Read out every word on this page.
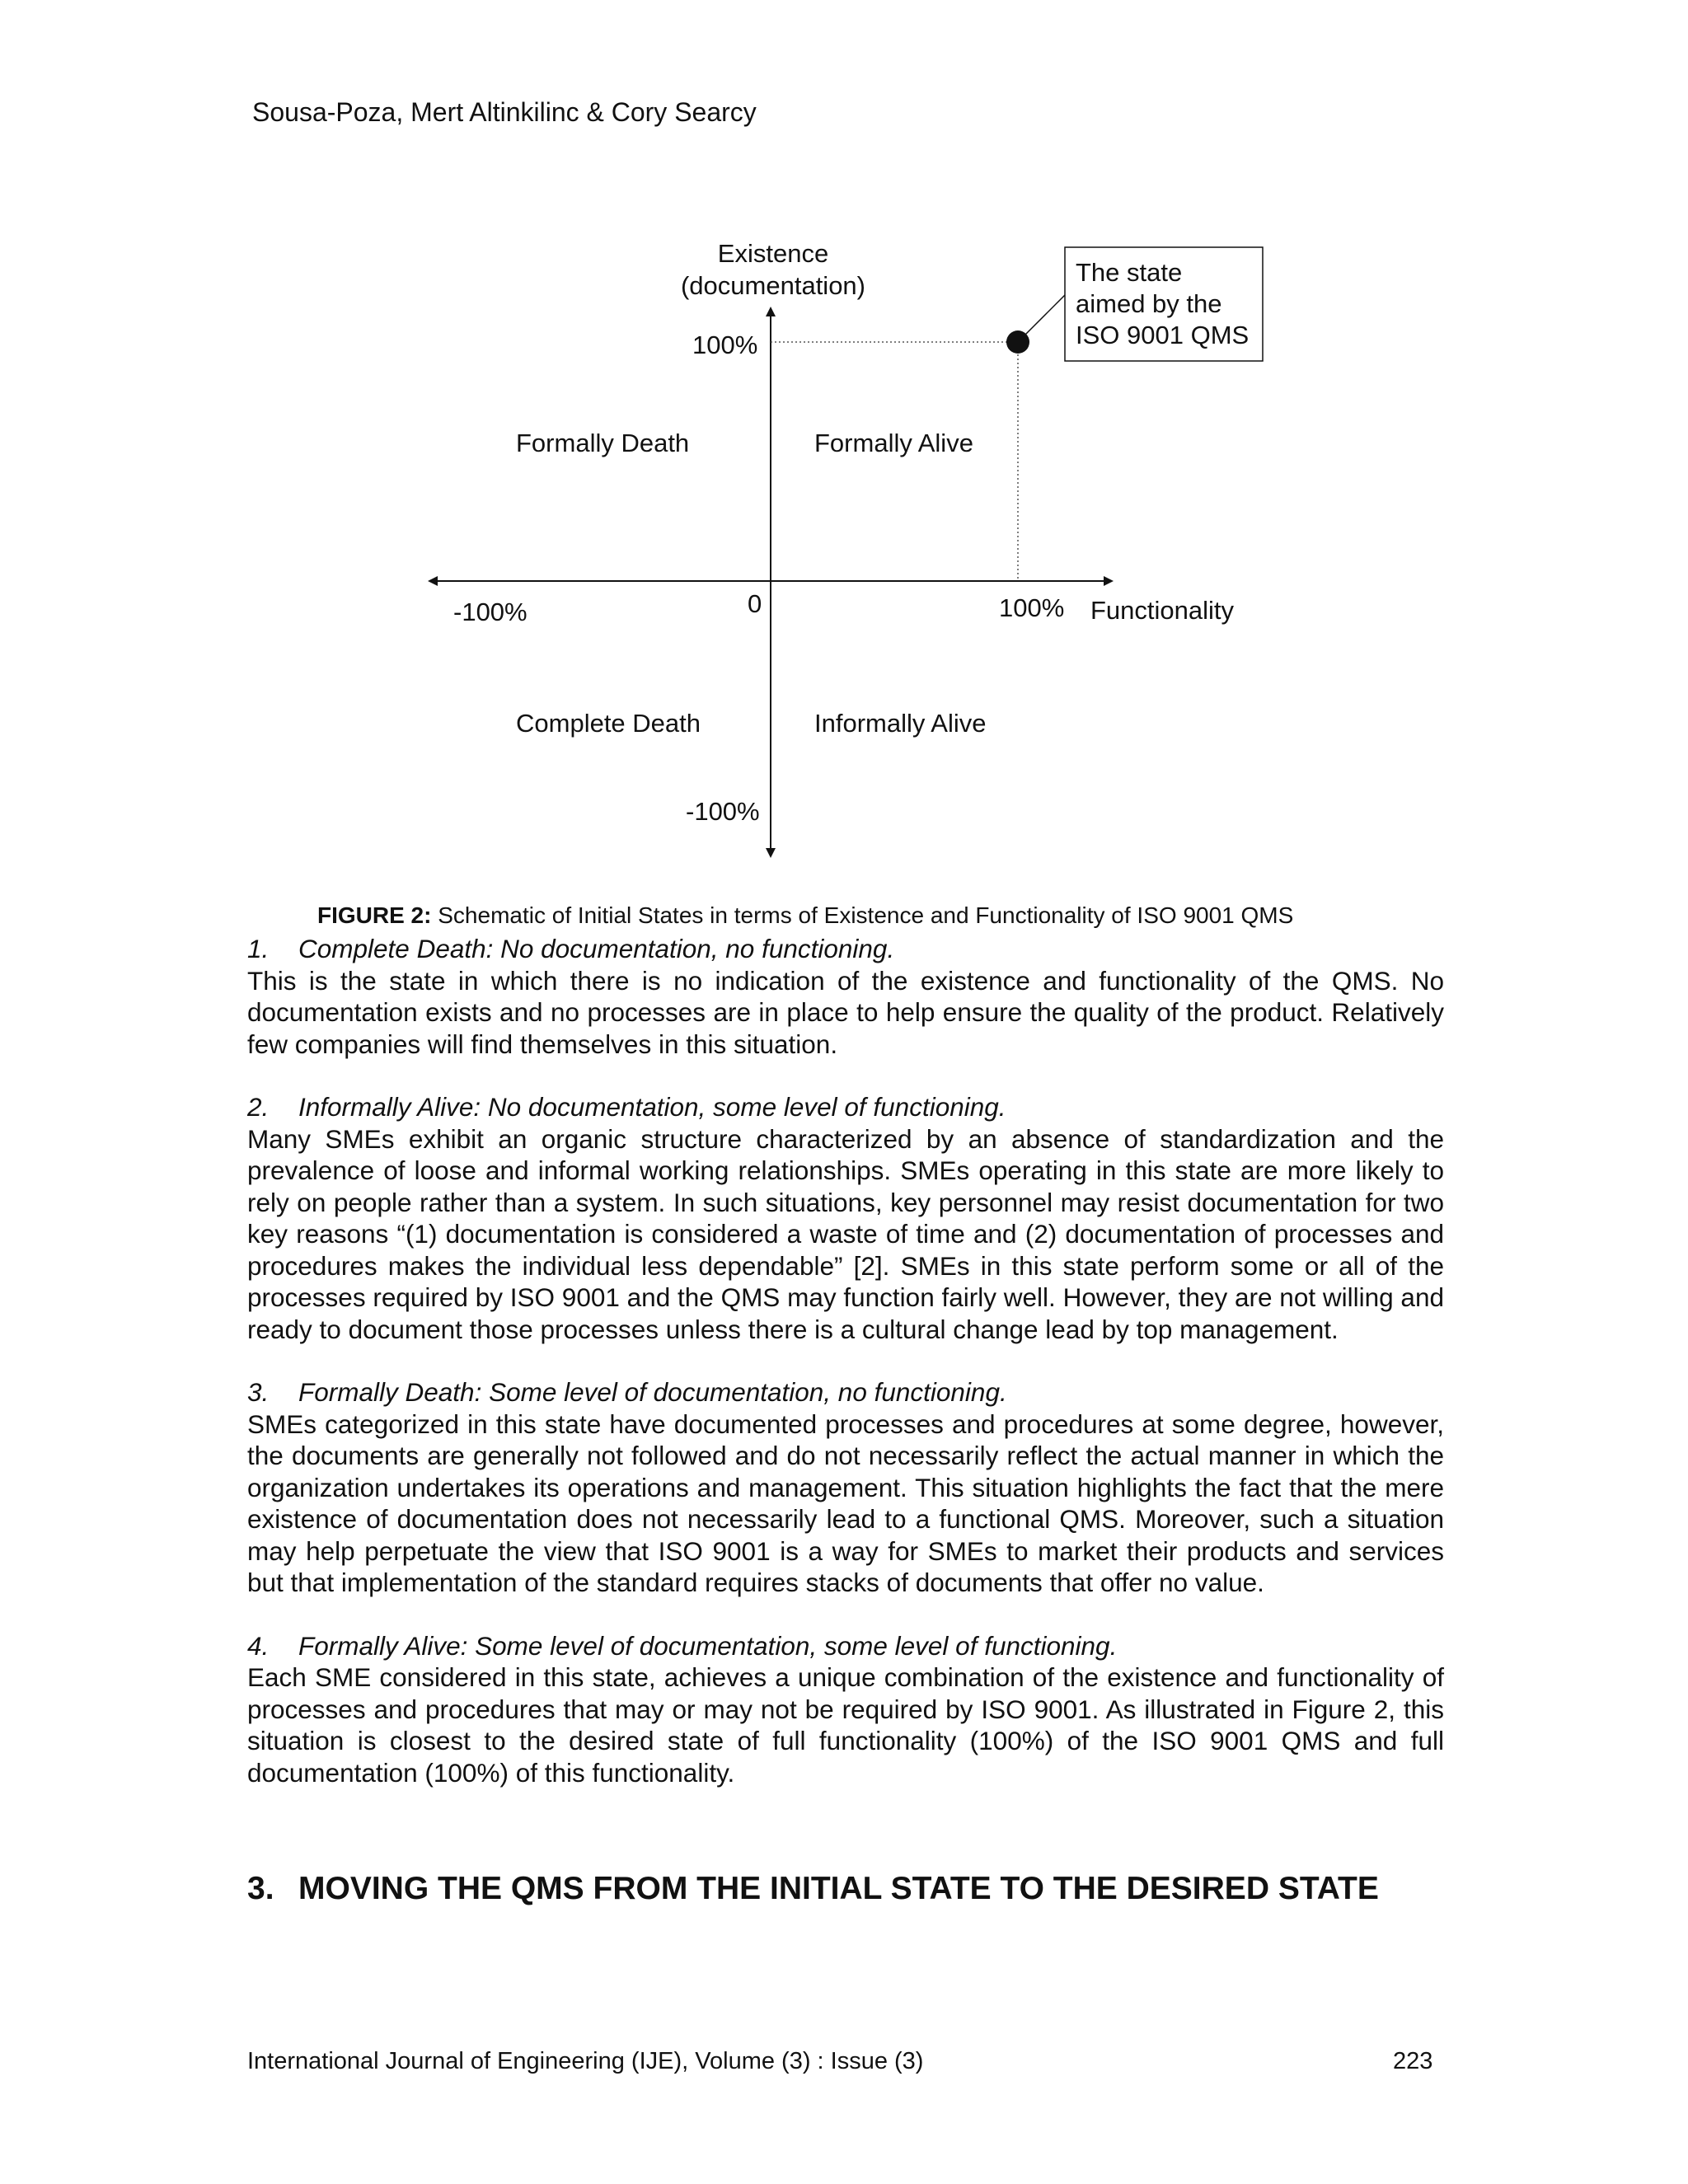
Sousa-Poza, Mert Altinkilinc & Cory Searcy
The state
aimed by the
ISO 9001 QMS
Existence
(documentation)
Functionality
100%
-100%
-100%	100%
0
Formally Death	Formally Alive
Complete Death	Informally Alive
FIGURE 2: Schematic of Initial States in terms of Existence and Functionality of ISO 9001 QMS
1. Complete Death: No documentation, no functioning.

This is the state in which there is no indication of the existence and functionality of the QMS. No documentation exists and no processes are in place to help ensure the quality of the product. Relatively few companies will find themselves in this situation.

2. Informally Alive: No documentation, some level of functioning.

Many SMEs exhibit an organic structure characterized by an absence of standardization and the prevalence of loose and informal working relationships. SMEs operating in this state are more likely to rely on people rather than a system. In such situations, key personnel may resist documentation for two key reasons “(1) documentation is considered a waste of time and (2) documentation of processes and procedures makes the individual less dependable” [2]. SMEs in this state perform some or all of the processes required by ISO 9001 and the QMS may function fairly well. However, they are not willing and ready to document those processes unless there is a cultural change lead by top management.

3. Formally Death: Some level of documentation, no functioning.

SMEs categorized in this state have documented processes and procedures at some degree, however, the documents are generally not followed and do not necessarily reflect the actual manner in which the organization undertakes its operations and management. This situation highlights the fact that the mere existence of documentation does not necessarily lead to a functional QMS. Moreover, such a situation may help perpetuate the view that ISO 9001 is a way for SMEs to market their products and services but that implementation of the standard requires stacks of documents that offer no value.

4. Formally Alive: Some level of documentation, some level of functioning.

Each SME considered in this state, achieves a unique combination of the existence and functionality of processes and procedures that may or may not be required by ISO 9001. As illustrated in Figure 2, this situation is closest to the desired state of full functionality (100%) of the ISO 9001 QMS and full documentation (100%) of this functionality.

3. MOVING THE QMS FROM THE INITIAL STATE TO THE DESIRED STATE
International Journal of Engineering (IJE), Volume (3) : Issue (3)	223
